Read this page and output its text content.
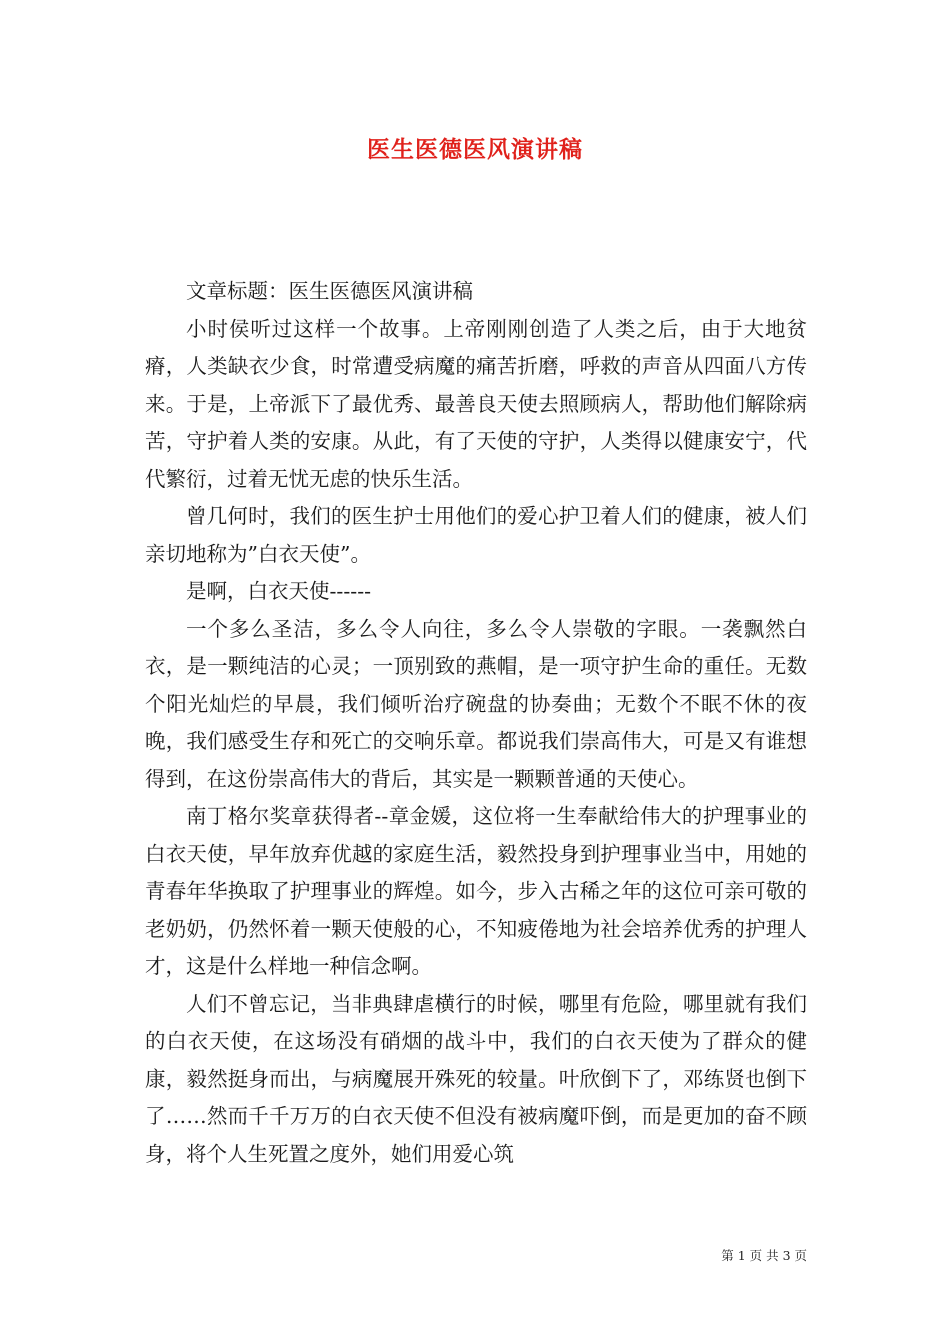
医生医德医风演讲稿

文章标题：医生医德医风演讲稿

小时侯听过这样一个故事。上帝刚刚创造了人类之后，由于大地贫瘠，人类缺衣少食，时常遭受病魔的痛苦折磨，呼救的声音从四面八方传来。于是，上帝派下了最优秀、最善良天使去照顾病人，帮助他们解除病苦，守护着人类的安康。从此，有了天使的守护，人类得以健康安宁，代代繁衍，过着无忧无虑的快乐生活。

曾几何时，我们的医生护士用他们的爱心护卫着人们的健康，被人们亲切地称为”白衣天使”。

是啊，白衣天使------

一个多么圣洁，多么令人向往，多么令人崇敬的字眼。一袭飘然白衣，是一颗纯洁的心灵；一顶别致的燕帽，是一项守护生命的重任。无数个阳光灿烂的早晨，我们倾听治疗碗盘的协奏曲；无数个不眠不休的夜晚，我们感受生存和死亡的交响乐章。都说我们崇高伟大，可是又有谁想得到，在这份崇高伟大的背后，其实是一颗颗普通的天使心。

南丁格尔奖章获得者--章金媛，这位将一生奉献给伟大的护理事业的白衣天使，早年放弃优越的家庭生活，毅然投身到护理事业当中，用她的青春年华换取了护理事业的辉煌。如今，步入古稀之年的这位可亲可敬的老奶奶，仍然怀着一颗天使般的心，不知疲倦地为社会培养优秀的护理人才，这是什么样地一种信念啊。

人们不曾忘记，当非典肆虐横行的时候，哪里有危险，哪里就有我们的白衣天使，在这场没有硝烟的战斗中，我们的白衣天使为了群众的健康，毅然挺身而出，与病魔展开殊死的较量。叶欣倒下了，邓练贤也倒下了……然而千千万万的白衣天使不但没有被病魔吓倒，而是更加的奋不顾身，将个人生死置之度外，她们用爱心筑

第 1 页 共 3 页
